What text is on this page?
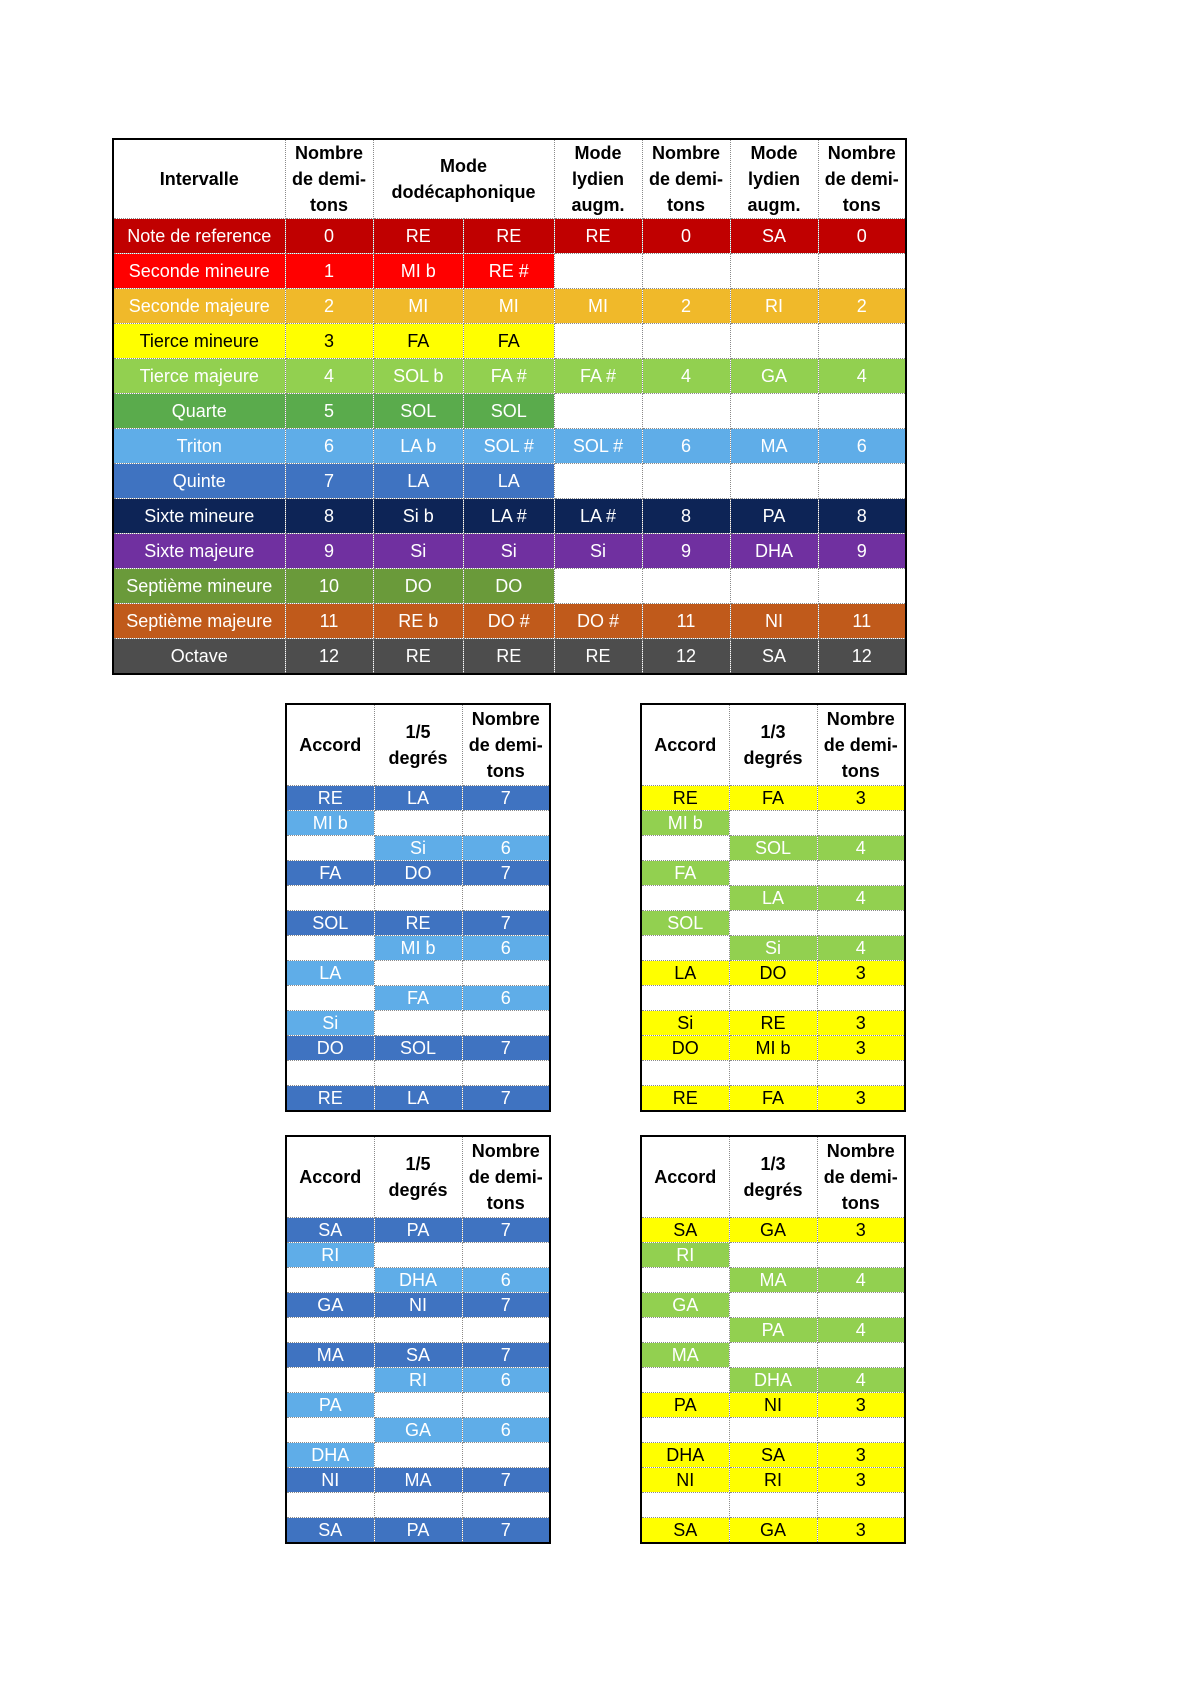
Intervalle	Nombre de demi-tons	Mode dodécaphonique		Mode lydien augm.	Nombre de demi-tons	Mode lydien augm.	Nombre de demi-tons
Note de reference	0	RE	RE	RE	0	SA	0
Seconde mineure	1	MI b	RE #				
Seconde majeure	2	MI	MI	MI	2	RI	2
Tierce mineure	3	FA	FA				
Tierce majeure	4	SOL b	FA #	FA #	4	GA	4
Quarte	5	SOL	SOL				
Triton	6	LA b	SOL #	SOL #	6	MA	6
Quinte	7	LA	LA				
Sixte mineure	8	Si b	LA #	LA #	8	PA	8
Sixte majeure	9	Si	Si	Si	9	DHA	9
Septième mineure	10	DO	DO				
Septième majeure	11	RE b	DO #	DO #	11	NI	11
Octave	12	RE	RE	RE	12	SA	12
Accord	1/5 degrés	Nombre de demi-tons
RE	LA	7
MI b		
	Si	6
FA	DO	7

SOL	RE	7
	MI b	6
LA		
	FA	6
Si		
DO	SOL	7

RE	LA	7
Accord	1/3 degrés	Nombre de demi-tons
RE	FA	3
MI b		
	SOL	4
FA		
	LA	4
SOL		
	Si	4
LA	DO	3

Si	RE	3
DO	MI b	3

RE	FA	3
Accord	1/5 degrés	Nombre de demi-tons
SA	PA	7
RI		
	DHA	6
GA	NI	7

MA	SA	7
	RI	6
PA		
	GA	6
DHA		
NI	MA	7

SA	PA	7
Accord	1/3 degrés	Nombre de demi-tons
SA	GA	3
RI		
	MA	4
GA		
	PA	4
MA		
	DHA	4
PA	NI	3

DHA	SA	3
NI	RI	3

SA	GA	3
